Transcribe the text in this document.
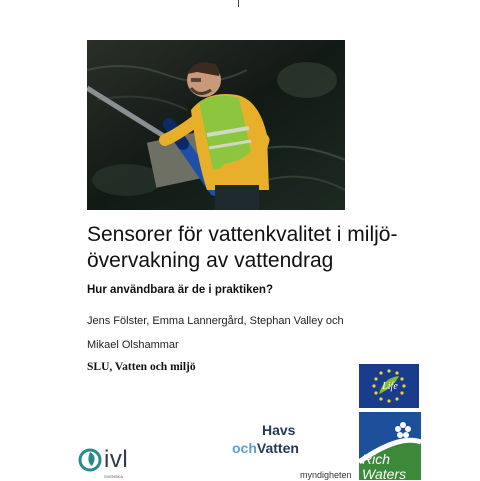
Sensorer för vattenkvalitet i miljö-
övervakning av vattendrag
Hur användbara är de i praktiken?
Jens Fölster, Emma Lannergård, Stephan Valley och
Mikael Olshammar
SLU, Vatten och miljö
Life
Rich
Waters
ivl
SVENSKA
Havs
ochVatten
myndigheten
